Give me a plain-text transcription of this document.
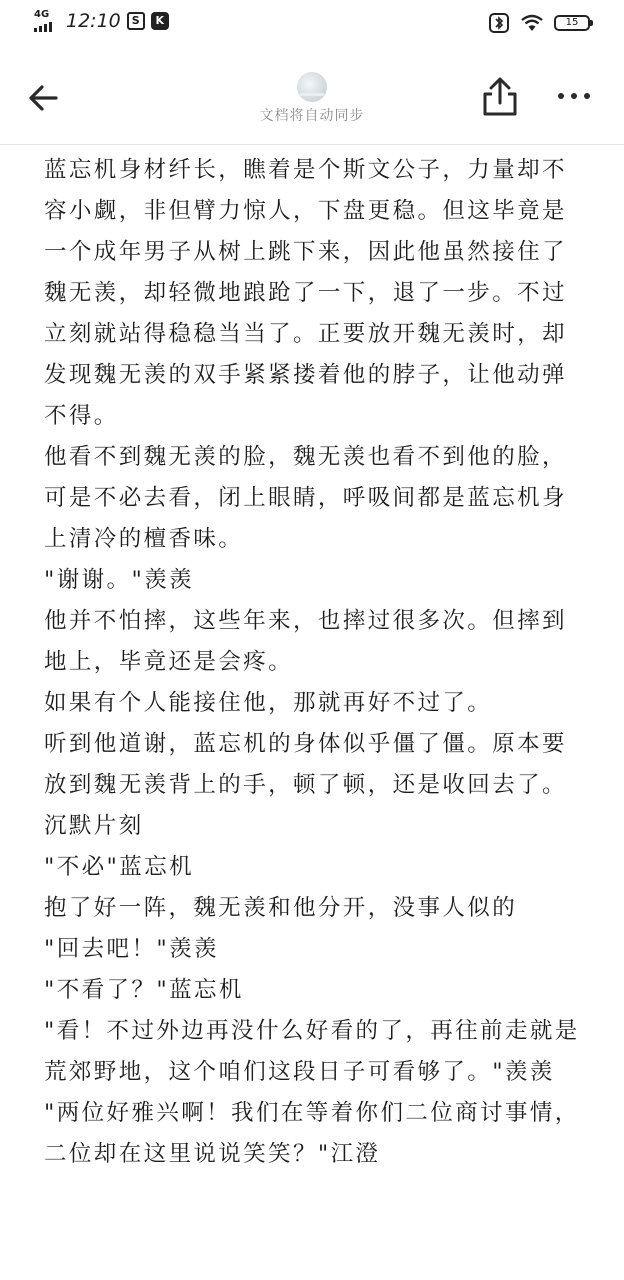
4G 12:10	S	K	15
文档将自动同步

蓝忘机身材纤长，瞧着是个斯文公子，力量却不容小觑，非但臂力惊人，下盘更稳。但这毕竟是一个成年男子从树上跳下来，因此他虽然接住了魏无羡，却轻微地踉跄了一下，退了一步。不过立刻就站得稳稳当当了。正要放开魏无羡时，却发现魏无羡的双手紧紧搂着他的脖子，让他动弹不得。

他看不到魏无羡的脸，魏无羡也看不到他的脸，可是不必去看，闭上眼睛，呼吸间都是蓝忘机身上清冷的檀香味。

"谢谢。"羡羡

他并不怕摔，这些年来，也摔过很多次。但摔到地上，毕竟还是会疼。

如果有个人能接住他，那就再好不过了。

听到他道谢，蓝忘机的身体似乎僵了僵。原本要放到魏无羡背上的手，顿了顿，还是收回去了。

沉默片刻

"不必"蓝忘机

抱了好一阵，魏无羡和他分开，没事人似的

"回去吧！"羡羡

"不看了？"蓝忘机

"看！不过外边再没什么好看的了，再往前走就是荒郊野地，这个咱们这段日子可看够了。"羡羡

"两位好雅兴啊！我们在等着你们二位商讨事情，二位却在这里说说笑笑？"江澄
